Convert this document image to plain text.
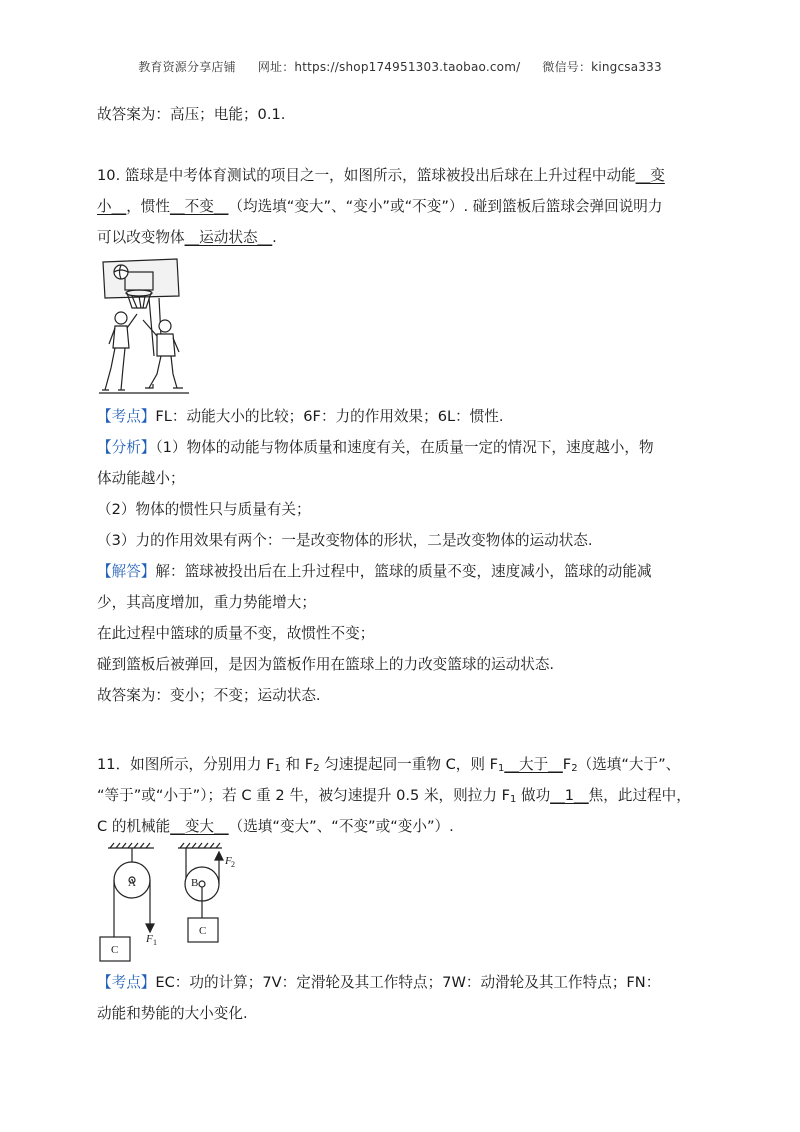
教育资源分享店铺 网址：https://shop174951303.taobao.com/ 微信号：kingcsa333
故答案为：高压；电能；0.1.
10. 篮球是中考体育测试的项目之一，如图所示，篮球被投出后球在上升过程中动能__变
小__，惯性__不变__（均选填“变大”、“变小”或“不变”）. 碰到篮板后篮球会弹回说明力
可以改变物体__运动状态__.
【考点】FL：动能大小的比较；6F：力的作用效果；6L：惯性.
【分析】（1）物体的动能与物体质量和速度有关，在质量一定的情况下，速度越小，物
体动能越小；
（2）物体的惯性只与质量有关；
（3）力的作用效果有两个：一是改变物体的形状，二是改变物体的运动状态.
【解答】解：篮球被投出后在上升过程中，篮球的质量不变，速度减小，篮球的动能减
少，其高度增加，重力势能增大；
在此过程中篮球的质量不变，故惯性不变；
碰到篮板后被弹回，是因为篮板作用在篮球上的力改变篮球的运动状态.
故答案为：变小；不变；运动状态.
11．如图所示，分别用力 $F_1$ 和 $F_2$ 匀速提起同一重物 C，则 $F_1\_\_$大于$\_\_F_2$（选填“大于”、
“等于”或“小于”）；若 C 重 2 牛，被匀速提升 0.5 米，则拉力 $F_1$ 做功__1__焦，此过程中，
C 的机械能__变大__（选填“变大”、“不变”或“变小”）.
A	B
C
C
F 1
F 2
【考点】EC：功的计算；7V：定滑轮及其工作特点；7W：动滑轮及其工作特点；FN：
动能和势能的大小变化.
